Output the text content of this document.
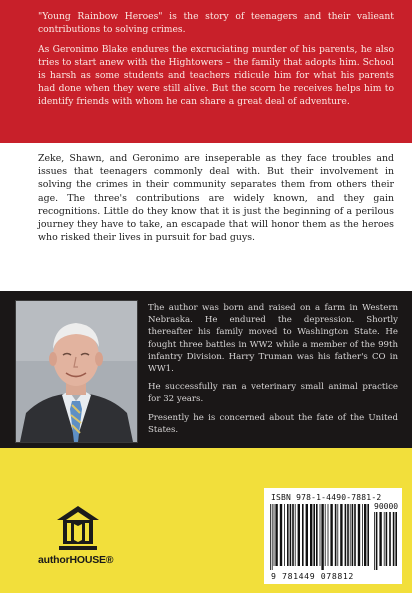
"Young Rainbow Heroes" is the story of teenagers and their valieant contributions to solving crimes.

As Geronimo Blake endures the excruciating murder of his parents, he also tries to start anew with the Hightowers – the family that adopts him. School is harsh as some students and teachers ridicule him for what his parents had done when they were still alive. But the scorn he receives helps him to identify friends with whom he can share a great deal of adventure.

Zeke, Shawn, and Geronimo are inseperable as they face troubles and issues that teenagers commonly deal with. But their involvement in solving the crimes in their community separates them from others their age. The three's contributions are widely known, and they gain recognitions. Little do they know that it is just the beginning of a perilous journey they have to take, an escapade that will honor them as the heroes who risked their lives in pursuit for bad guys.

The author was born and raised on a farm in Western Nebraska. He endured the depression. Shortly thereafter his family moved to Washington State. He fought three battles in WW2 while a member of the 99th infantry Division. Harry Truman was his father's CO in WW1.

He successfully ran a veterinary small animal practice for 32 years.

Presently he is concerned about the fate of the United States.

authorHOUSE®
ISBN 978-1-4490-7881-2
90000
9 781449 078812
